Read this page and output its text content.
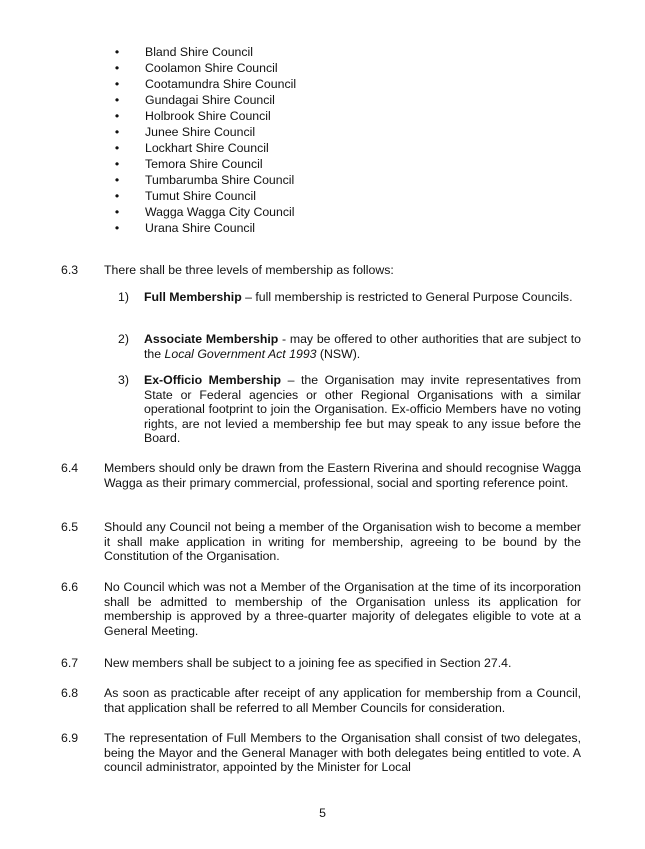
• Bland Shire Council
• Coolamon Shire Council
• Cootamundra Shire Council
• Gundagai Shire Council
• Holbrook Shire Council
• Junee Shire Council
• Lockhart Shire Council
• Temora Shire Council
• Tumbarumba Shire Council
• Tumut Shire Council
• Wagga Wagga City Council
• Urana Shire Council
6.3 There shall be three levels of membership as follows:
1) Full Membership – full membership is restricted to General Purpose Councils.
2) Associate Membership - may be offered to other authorities that are subject to the Local Government Act 1993 (NSW).
3) Ex-Officio Membership – the Organisation may invite representatives from State or Federal agencies or other Regional Organisations with a similar operational footprint to join the Organisation. Ex-officio Members have no voting rights, are not levied a membership fee but may speak to any issue before the Board.
6.4 Members should only be drawn from the Eastern Riverina and should recognise Wagga Wagga as their primary commercial, professional, social and sporting reference point.
6.5 Should any Council not being a member of the Organisation wish to become a member it shall make application in writing for membership, agreeing to be bound by the Constitution of the Organisation.
6.6 No Council which was not a Member of the Organisation at the time of its incorporation shall be admitted to membership of the Organisation unless its application for membership is approved by a three-quarter majority of delegates eligible to vote at a General Meeting.
6.7 New members shall be subject to a joining fee as specified in Section 27.4.
6.8 As soon as practicable after receipt of any application for membership from a Council, that application shall be referred to all Member Councils for consideration.
6.9 The representation of Full Members to the Organisation shall consist of two delegates, being the Mayor and the General Manager with both delegates being entitled to vote. A council administrator, appointed by the Minister for Local
5
